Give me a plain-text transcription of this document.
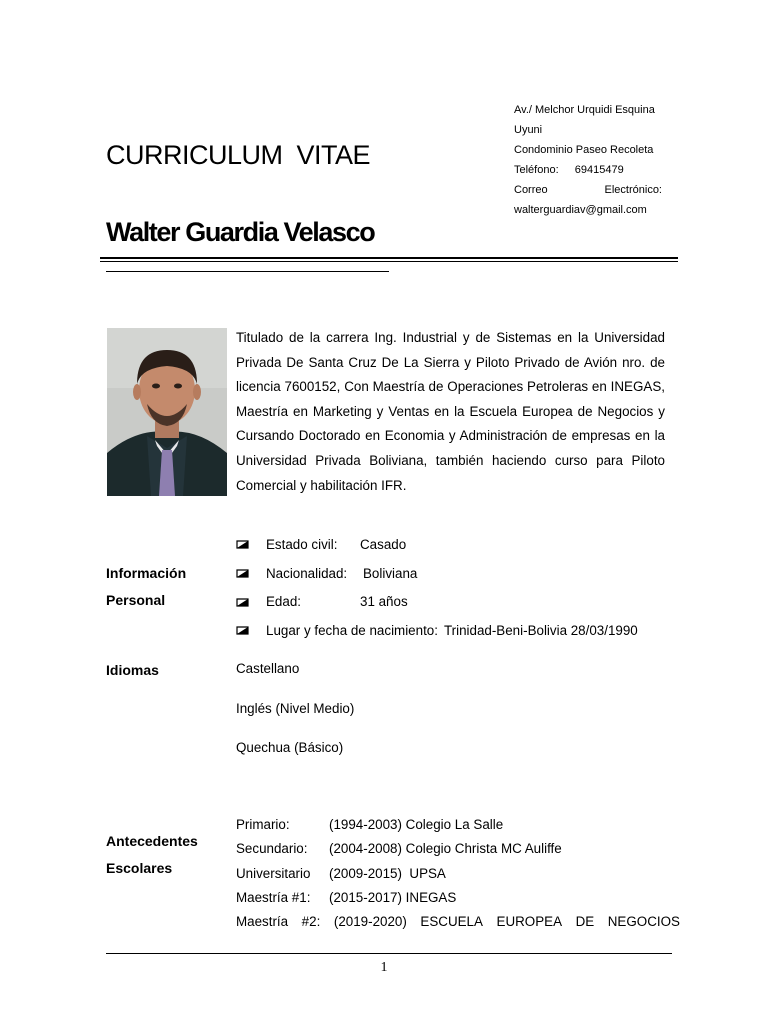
CURRICULUM  VITAE
Walter Guardia Velasco
Av./ Melchor Urquidi Esquina
Uyuni
Condominio Paseo Recoleta
Teléfono: 69415479
Correo	Electrónico:
walterguardiav@gmail.com
Titulado de la carrera Ing. Industrial y de Sistemas en la Universidad Privada De Santa Cruz De La Sierra y Piloto Privado de Avión nro. de licencia 7600152, Con Maestría de Operaciones Petroleras en INEGAS, Maestría en Marketing y Ventas en la Escuela Europea de Negocios y Cursando Doctorado en Economia y Administración de empresas en la Universidad Privada Boliviana, también haciendo curso para Piloto Comercial y habilitación IFR.
Información
Personal
Estado civil:	Casado
Nacionalidad:	Boliviana
Edad:	31 años
Lugar y fecha de nacimiento: Trinidad-Beni-Bolivia 28/03/1990
Idiomas	Castellano
Inglés (Nivel Medio)
Quechua (Básico)
Antecedentes
Escolares
Primario:	(1994-2003) Colegio La Salle
Secundario: (2004-2008) Colegio Christa MC Auliffe
Universitario (2009-2015)  UPSA
Maestría #1: (2015-2017) INEGAS
Maestría #2: (2019-2020) ESCUELA EUROPEA DE NEGOCIOS
1
